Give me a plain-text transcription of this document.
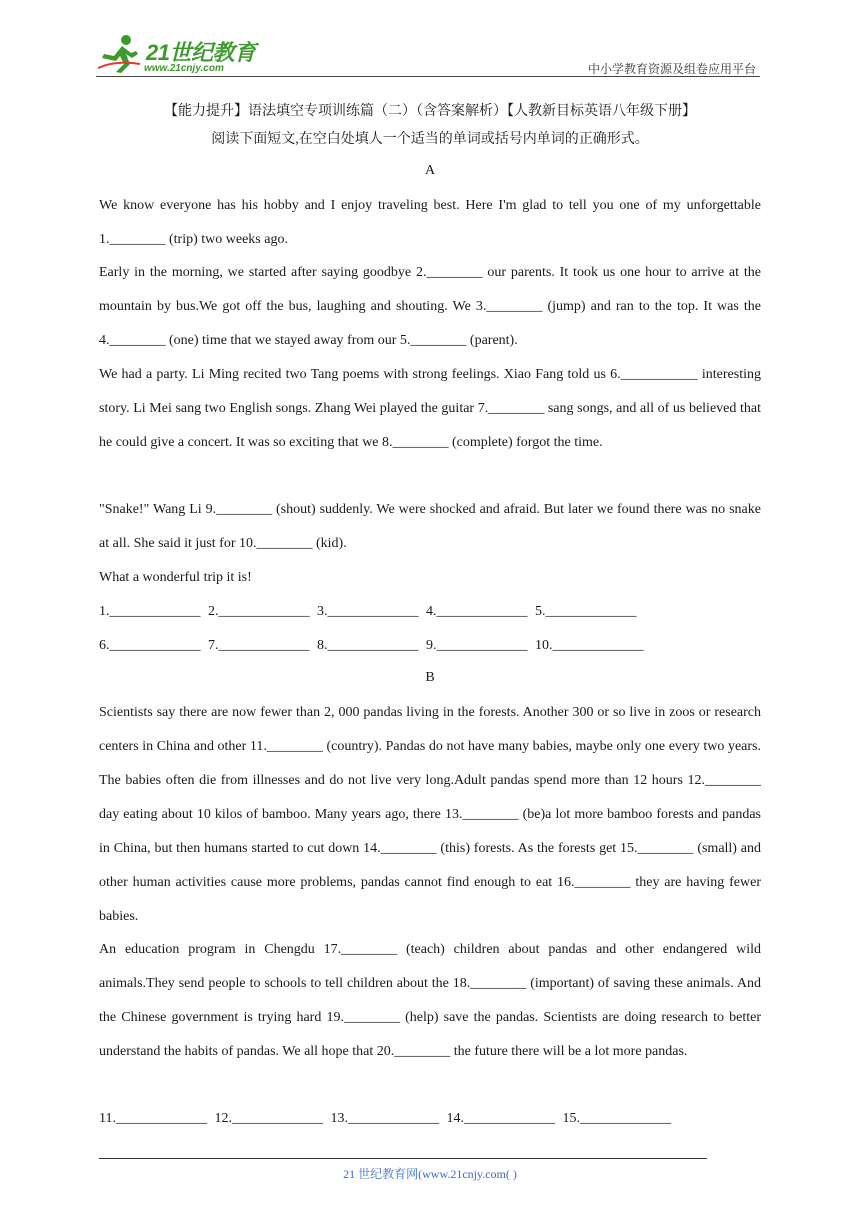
21世纪教育
www.21cnjy.com	中小学教育资源及组卷应用平台
【能力提升】语法填空专项训练篇（二）（含答案解析）【人教新目标英语八年级下册】
阅读下面短文,在空白处填人一个适当的单词或括号内单词的正确形式。
A

We know everyone has his hobby and I enjoy traveling best. Here I'm glad to tell you one of my unforgettable 1.________ (trip) two weeks ago.

Early in the morning, we started after saying goodbye 2.________ our parents. It took us one hour to arrive at the mountain by bus.We got off the bus, laughing and shouting. We 3.________ (jump) and ran to the top. It was the 4.________ (one) time that we stayed away from our 5.________ (parent).

We had a party. Li Ming recited two Tang poems with strong feelings. Xiao Fang told us 6.___________ interesting story. Li Mei sang two English songs. Zhang Wei played the guitar 7.________ sang songs, and all of us believed that he could give a concert. It was so exciting that we 8.________ (complete) forgot the time.

"Snake!" Wang Li 9.________ (shout) suddenly. We were shocked and afraid. But later we found there was no snake at all. She said it just for 10.________ (kid).

What a wonderful trip it is!

1._____________ 2._____________ 3._____________ 4._____________ 5._____________
6._____________ 7._____________ 8._____________ 9._____________ 10._____________
B

Scientists say there are now fewer than 2, 000 pandas living in the forests. Another 300 or so live in zoos or research centers in China and other 11.________ (country). Pandas do not have many babies, maybe only one every two years. The babies often die from illnesses and do not live very long.Adult pandas spend more than 12 hours 12.________ day eating about 10 kilos of bamboo. Many years ago, there 13.________ (be)a lot more bamboo forests and pandas in China, but then humans started to cut down 14.________ (this) forests. As the forests get 15.________ (small) and other human activities cause more problems, pandas cannot find enough to eat 16.________ they are having fewer babies.

An education program in Chengdu 17.________ (teach) children about pandas and other endangered wild animals.They send people to schools to tell children about the 18.________ (important) of saving these animals. And the Chinese government is trying hard 19.________ (help) save the pandas. Scientists are doing research to better understand the habits of pandas. We all hope that 20.________ the future there will be a lot more pandas.

11._____________ 12._____________ 13._____________ 14._____________ 15._____________
21 世纪教育网(www.21cnjy.com( )
